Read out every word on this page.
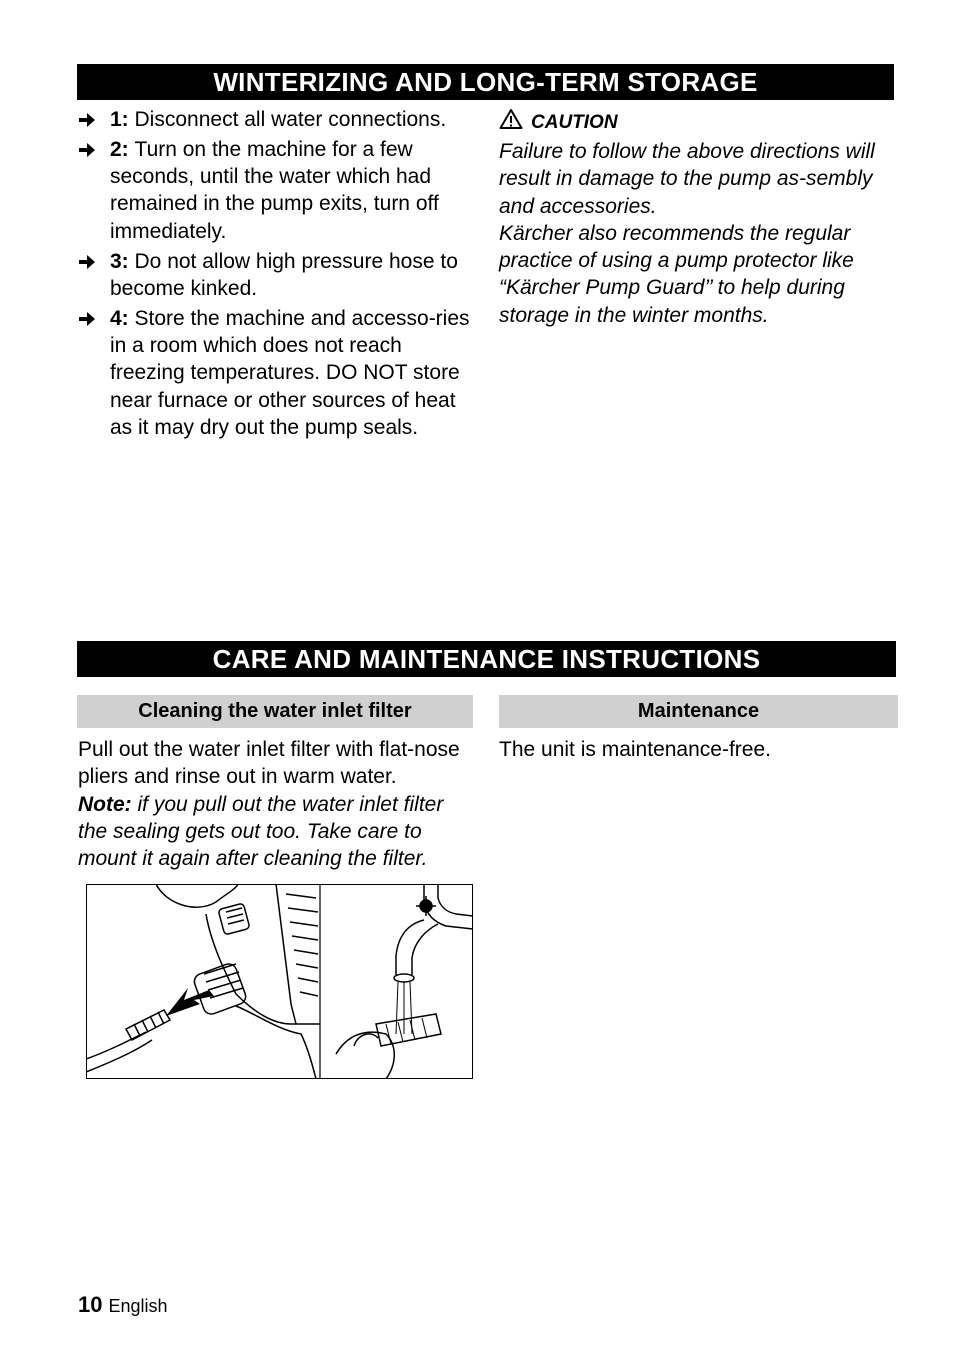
WINTERIZING AND LONG-TERM STORAGE
1: Disconnect all water connections.
2: Turn on the machine for a few seconds, until the water which had remained in the pump exits, turn off immediately.
3: Do not allow high pressure hose to become kinked.
4: Store the machine and accesso-ries in a room which does not reach freezing temperatures. DO NOT store near furnace or other sources of heat as it may dry out the pump seals.
CAUTION

Failure to follow the above directions will result in damage to the pump as-sembly and accessories.

Kärcher also recommends the regular practice of using a pump protector like “Kärcher Pump Guard’’ to help during storage in the winter months.

CARE AND MAINTENANCE INSTRUCTIONS
Cleaning the water inlet filter	Maintenance

Pull out the water inlet filter with flat-nose pliers and rinse out in warm water.

Note: if you pull out the water inlet filter the sealing gets out too. Take care to mount it again after cleaning the filter.

The unit is maintenance-free.
10 English
